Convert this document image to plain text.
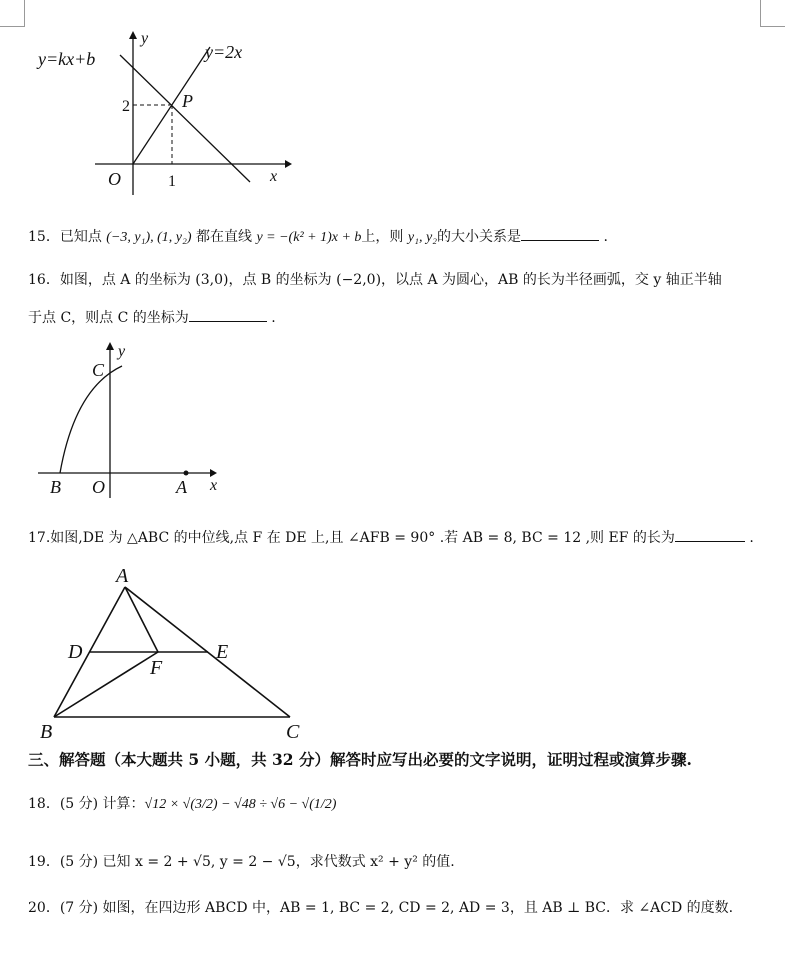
y=kx+b	y=2x
y
x
O
2
1
P
15．已知点 (−3, y₁), (1, y₂) 都在直线 y = −(k² + 1)x + b上，则 y₁, y₂的大小关系是	.
16．如图，点 A 的坐标为 (3,0)，点 B 的坐标为 (−2,0)，以点 A 为圆心，AB 的长为半径画弧，交 y 轴正半轴
于点 C，则点 C 的坐标为	.
y
x
C
B O	A
17.如图,DE 为 △ABC 的中位线,点 F 在 DE 上,且 ∠AFB = 90° .若 AB = 8, BC = 12 ,则 EF 的长为	.
A
B	C
D	E
F
三、解答题（本大题共 5 小题，共 32 分）解答时应写出必要的文字说明，证明过程或演算步骤.
18．(5 分) 计算：√12 × √(3/2) − √48 ÷ √6 − √(1/2)
19．(5 分) 已知 x = 2 + √5, y = 2 − √5，求代数式 x² + y² 的值.
20．(7 分) 如图，在四边形 ABCD 中，AB = 1, BC = 2, CD = 2, AD = 3，且 AB ⊥ BC．求 ∠ACD 的度数.
